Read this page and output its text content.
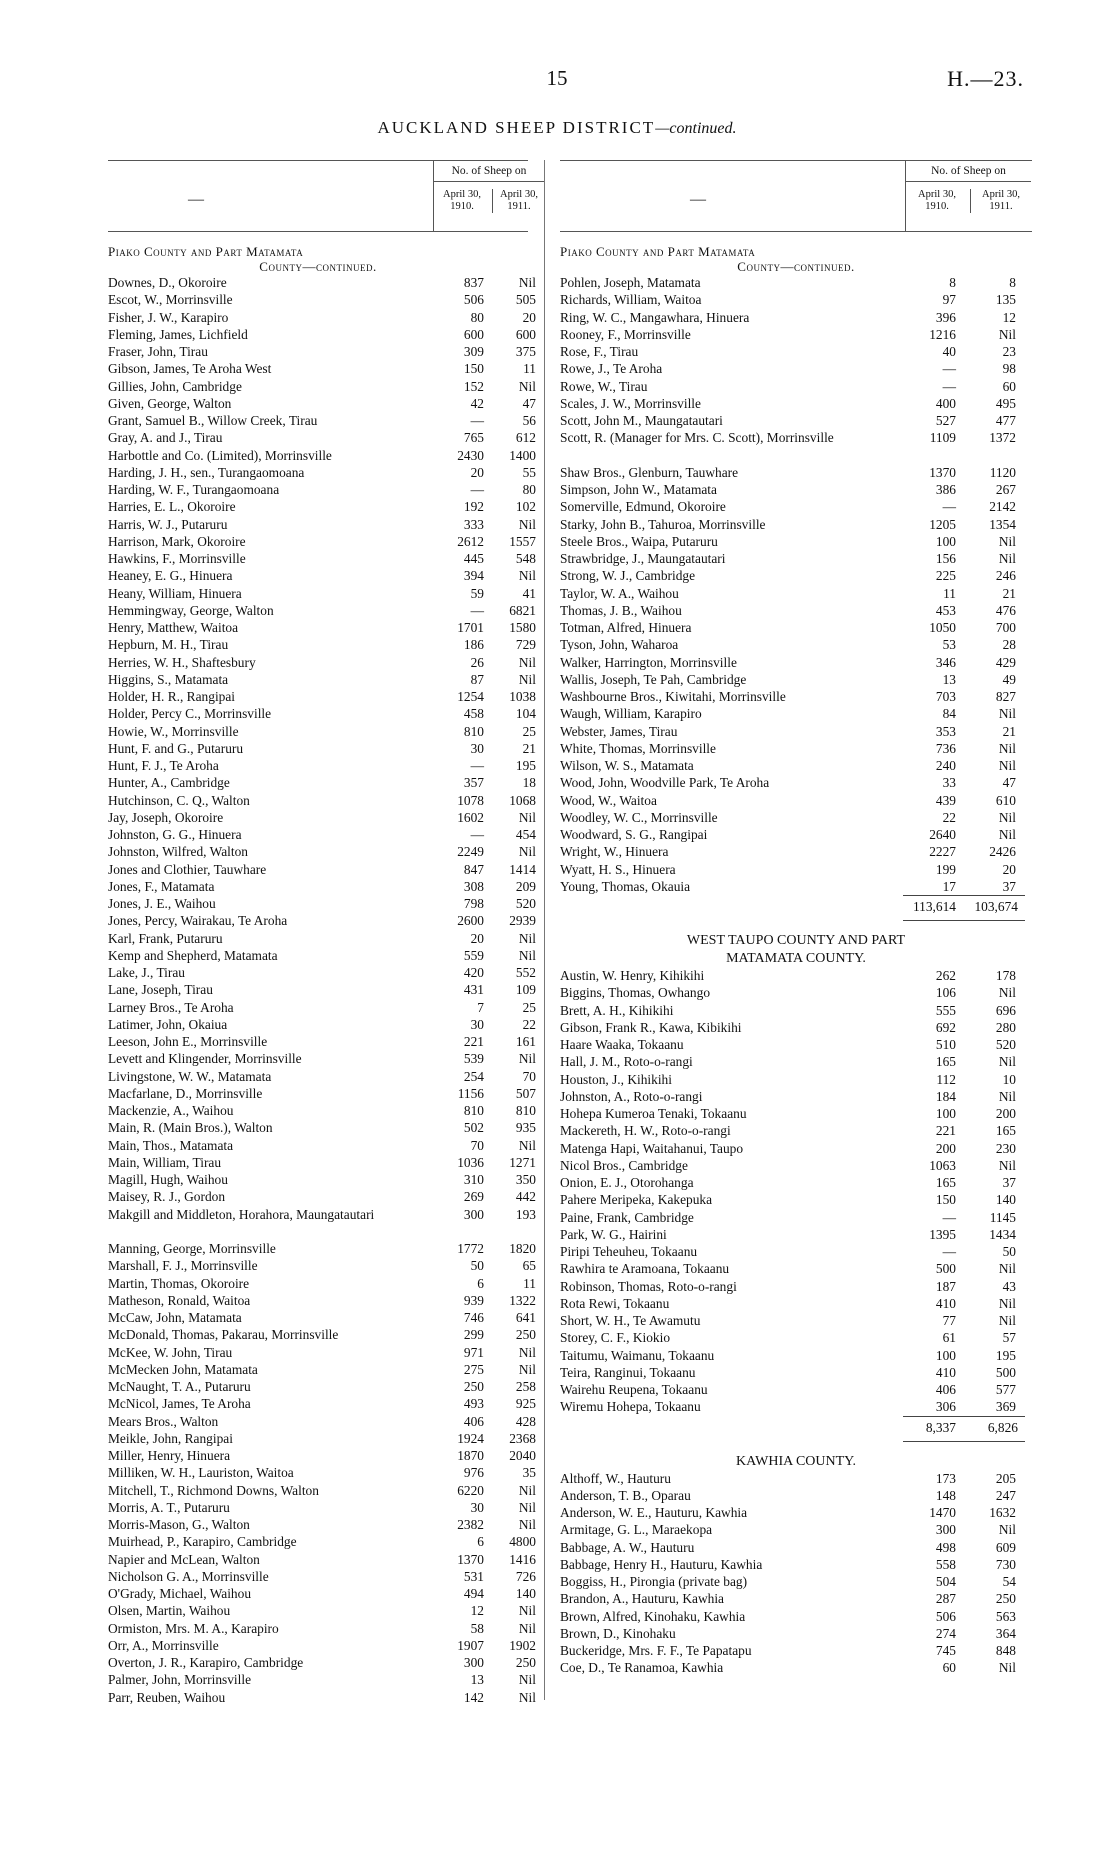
15	H.—23.
AUCKLAND SHEEP DISTRICT—continued.
—
No. of Sheep on
April 30, 1910.
April 30, 1911.
Piako County and Part Matamata
County—continued.
Downes, D., Okoroire	837	Nil
Escot, W., Morrinsville	506	505
Fisher, J. W., Karapiro	80	20
Fleming, James, Lichfield	600	600
Fraser, John, Tirau	309	375
Gibson, James, Te Aroha West	150	11
Gillies, John, Cambridge	152	Nil
Given, George, Walton	42	47
Grant, Samuel B., Willow Creek, Tirau	—	56
Gray, A. and J., Tirau	765	612
Harbottle and Co. (Limited), Morrinsville	2430	1400
Harding, J. H., sen., Turangaomoana	20	55
Harding, W. F., Turangaomoana	—	80
Harries, E. L., Okoroire	192	102
Harris, W. J., Putaruru	333	Nil
Harrison, Mark, Okoroire	2612	1557
Hawkins, F., Morrinsville	445	548
Heaney, E. G., Hinuera	394	Nil
Heany, William, Hinuera	59	41
Hemmingway, George, Walton	—	6821
Henry, Matthew, Waitoa	1701	1580
Hepburn, M. H., Tirau	186	729
Herries, W. H., Shaftesbury	26	Nil
Higgins, S., Matamata	87	Nil
Holder, H. R., Rangipai	1254	1038
Holder, Percy C., Morrinsville	458	104
Howie, W., Morrinsville	810	25
Hunt, F. and G., Putaruru	30	21
Hunt, F. J., Te Aroha	—	195
Hunter, A., Cambridge	357	18
Hutchinson, C. Q., Walton	1078	1068
Jay, Joseph, Okoroire	1602	Nil
Johnston, G. G., Hinuera	—	454
Johnston, Wilfred, Walton	2249	Nil
Jones and Clothier, Tauwhare	847	1414
Jones, F., Matamata	308	209
Jones, J. E., Waihou	798	520
Jones, Percy, Wairakau, Te Aroha	2600	2939
Karl, Frank, Putaruru	20	Nil
Kemp and Shepherd, Matamata	559	Nil
Lake, J., Tirau	420	552
Lane, Joseph, Tirau	431	109
Larney Bros., Te Aroha	7	25
Latimer, John, Okaiua	30	22
Leeson, John E., Morrinsville	221	161
Levett and Klingender, Morrinsville	539	Nil
Livingstone, W. W., Matamata	254	70
Macfarlane, D., Morrinsville	1156	507
Mackenzie, A., Waihou	810	810
Main, R. (Main Bros.), Walton	502	935
Main, Thos., Matamata	70	Nil
Main, William, Tirau	1036	1271
Magill, Hugh, Waihou	310	350
Maisey, R. J., Gordon	269	442
Makgill and Middleton, Horahora, Maungatautari	300	193
Manning, George, Morrinsville	1772	1820
Marshall, F. J., Morrinsville	50	65
Martin, Thomas, Okoroire	6	11
Matheson, Ronald, Waitoa	939	1322
McCaw, John, Matamata	746	641
McDonald, Thomas, Pakarau, Morrinsville	299	250
McKee, W. John, Tirau	971	Nil
McMecken John, Matamata	275	Nil
McNaught, T. A., Putaruru	250	258
McNicol, James, Te Aroha	493	925
Mears Bros., Walton	406	428
Meikle, John, Rangipai	1924	2368
Miller, Henry, Hinuera	1870	2040
Milliken, W. H., Lauriston, Waitoa	976	35
Mitchell, T., Richmond Downs, Walton	6220	Nil
Morris, A. T., Putaruru	30	Nil
Morris-Mason, G., Walton	2382	Nil
Muirhead, P., Karapiro, Cambridge	6	4800
Napier and McLean, Walton	1370	1416
Nicholson G. A., Morrinsville	531	726
O'Grady, Michael, Waihou	494	140
Olsen, Martin, Waihou	12	Nil
Ormiston, Mrs. M. A., Karapiro	58	Nil
Orr, A., Morrinsville	1907	1902
Overton, J. R., Karapiro, Cambridge	300	250
Palmer, John, Morrinsville	13	Nil
Parr, Reuben, Waihou	142	Nil
—
No. of Sheep on
April 30, 1910.
April 30, 1911.
Piako County and Part Matamata
County—continued.
Pohlen, Joseph, Matamata	8	8
Richards, William, Waitoa	97	135
Ring, W. C., Mangawhara, Hinuera	396	12
Rooney, F., Morrinsville	1216	Nil
Rose, F., Tirau	40	23
Rowe, J., Te Aroha	—	98
Rowe, W., Tirau	—	60
Scales, J. W., Morrinsville	400	495
Scott, John M., Maungatautari	527	477
Scott, R. (Manager for Mrs. C. Scott), Morrinsville	1109	1372
Shaw Bros., Glenburn, Tauwhare	1370	1120
Simpson, John W., Matamata	386	267
Somerville, Edmund, Okoroire	—	2142
Starky, John B., Tahuroa, Morrinsville	1205	1354
Steele Bros., Waipa, Putaruru	100	Nil
Strawbridge, J., Maungatautari	156	Nil
Strong, W. J., Cambridge	225	246
Taylor, W. A., Waihou	11	21
Thomas, J. B., Waihou	453	476
Totman, Alfred, Hinuera	1050	700
Tyson, John, Waharoa	53	28
Walker, Harrington, Morrinsville	346	429
Wallis, Joseph, Te Pah, Cambridge	13	49
Washbourne Bros., Kiwitahi, Morrinsville	703	827
Waugh, William, Karapiro	84	Nil
Webster, James, Tirau	353	21
White, Thomas, Morrinsville	736	Nil
Wilson, W. S., Matamata	240	Nil
Wood, John, Woodville Park, Te Aroha	33	47
Wood, W., Waitoa	439	610
Woodley, W. C., Morrinsville	22	Nil
Woodward, S. G., Rangipai	2640	Nil
Wright, W., Hinuera	2227	2426
Wyatt, H. S., Hinuera	199	20
Young, Thomas, Okauia	17	37
113,614	103,674
WEST TAUPO COUNTY AND PART
MATAMATA COUNTY.
Austin, W. Henry, Kihikihi	262	178
Biggins, Thomas, Owhango	106	Nil
Brett, A. H., Kihikihi	555	696
Gibson, Frank R., Kawa, Kibikihi	692	280
Haare Waaka, Tokaanu	510	520
Hall, J. M., Roto-o-rangi	165	Nil
Houston, J., Kihikihi	112	10
Johnston, A., Roto-o-rangi	184	Nil
Hohepa Kumeroa Tenaki, Tokaanu	100	200
Mackereth, H. W., Roto-o-rangi	221	165
Matenga Hapi, Waitahanui, Taupo	200	230
Nicol Bros., Cambridge	1063	Nil
Onion, E. J., Otorohanga	165	37
Pahere Meripeka, Kakepuka	150	140
Paine, Frank, Cambridge	—	1145
Park, W. G., Hairini	1395	1434
Piripi Teheuheu, Tokaanu	—	50
Rawhira te Aramoana, Tokaanu	500	Nil
Robinson, Thomas, Roto-o-rangi	187	43
Rota Rewi, Tokaanu	410	Nil
Short, W. H., Te Awamutu	77	Nil
Storey, C. F., Kiokio	61	57
Taitumu, Waimanu, Tokaanu	100	195
Teira, Ranginui, Tokaanu	410	500
Wairehu Reupena, Tokaanu	406	577
Wiremu Hohepa, Tokaanu	306	369
8,337	6,826
KAWHIA COUNTY.
Althoff, W., Hauturu	173	205
Anderson, T. B., Oparau	148	247
Anderson, W. E., Hauturu, Kawhia	1470	1632
Armitage, G. L., Maraekopa	300	Nil
Babbage, A. W., Hauturu	498	609
Babbage, Henry H., Hauturu, Kawhia	558	730
Boggiss, H., Pirongia (private bag)	504	54
Brandon, A., Hauturu, Kawhia	287	250
Brown, Alfred, Kinohaku, Kawhia	506	563
Brown, D., Kinohaku	274	364
Buckeridge, Mrs. F. F., Te Papatapu	745	848
Coe, D., Te Ranamoa, Kawhia	60	Nil
